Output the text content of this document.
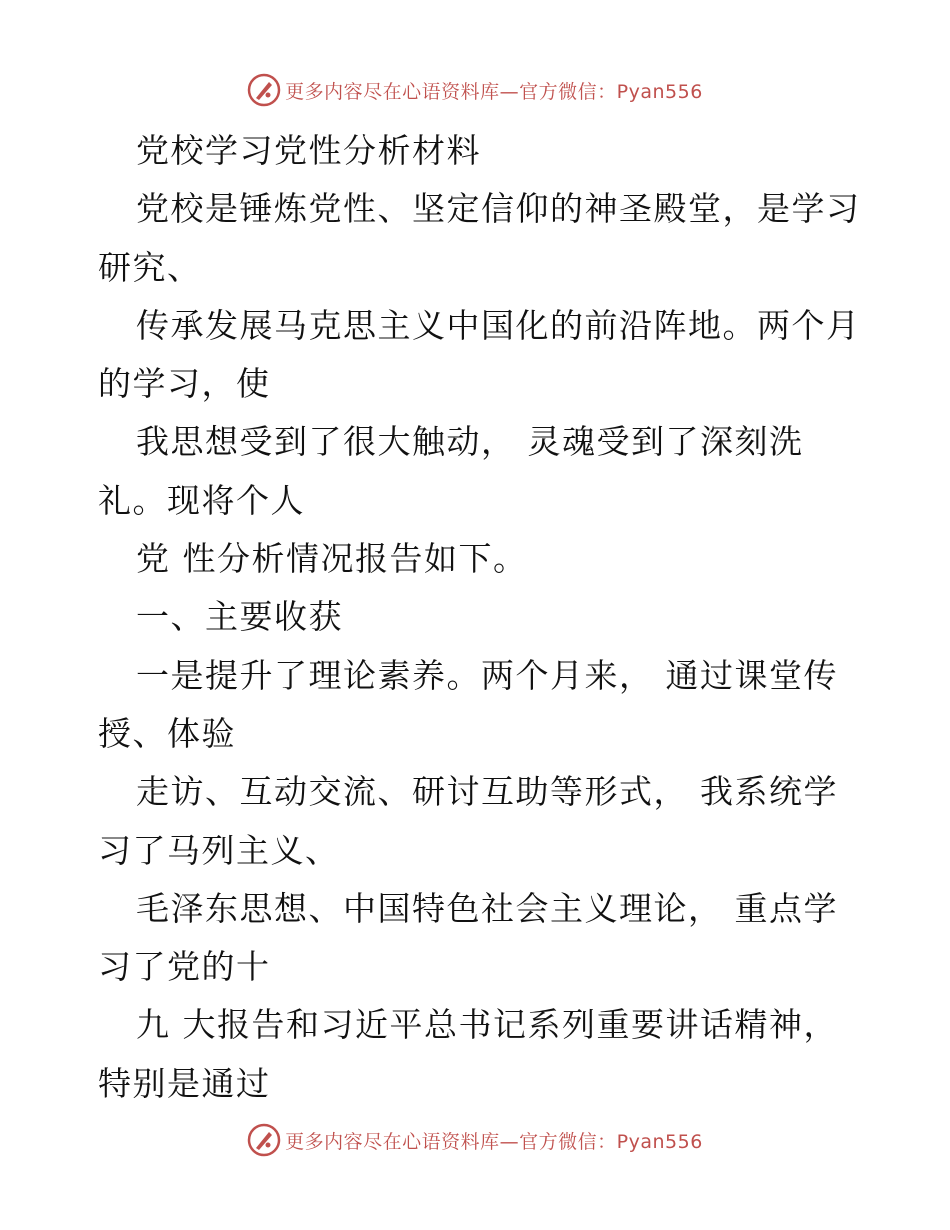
更多内容尽在心语资料库—官方微信：Pyan556
党校学习党性分析材料
党校是锤炼党性、坚定信仰的神圣殿堂，是学习
研究、
传承发展马克思主义中国化的前沿阵地。两个月
的学习，使
我思想受到了很大触动， 灵魂受到了深刻洗
礼。现将个人
党 性分析情况报告如下。
一、主要收获
一是提升了理论素养。两个月来， 通过课堂传
授、体验
走访、互动交流、研讨互助等形式， 我系统学
习了马列主义、
毛泽东思想、中国特色社会主义理论， 重点学
习了党的十
九 大报告和习近平总书记系列重要讲话精神，
特别是通过
更多内容尽在心语资料库—官方微信：Pyan556
